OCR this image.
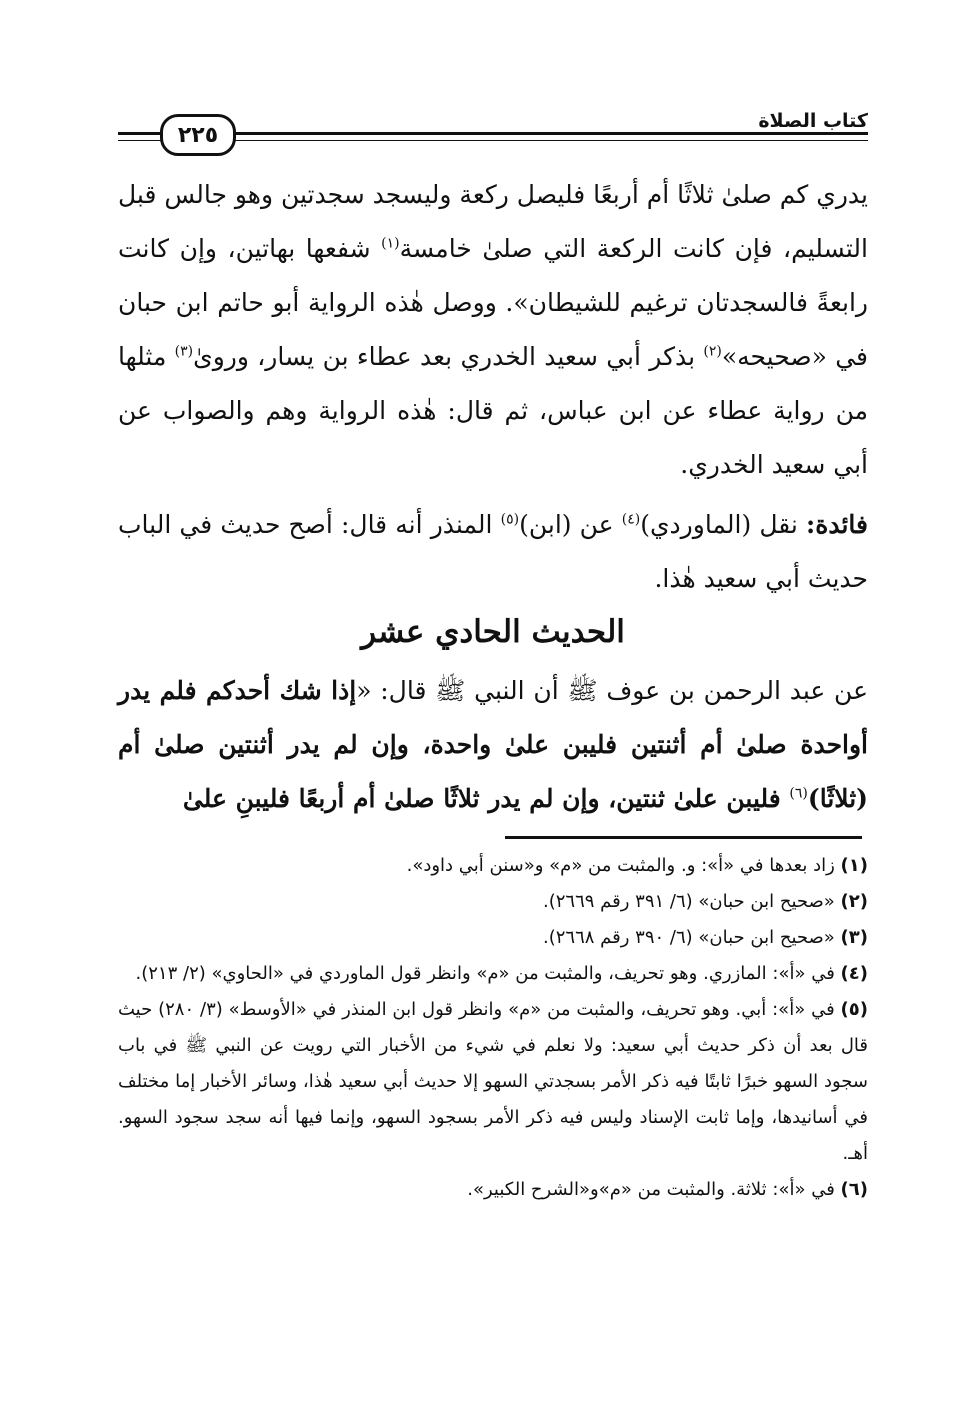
٢٢٥
كتاب الصلاة

يدري كم صلىٰ ثلاثًا أم أربعًا فليصل ركعة وليسجد سجدتين وهو جالس قبل التسليم، فإن كانت الركعة التي صلىٰ خامسة$^{(١)}$ شفعها بهاتين، وإن كانت رابعةً فالسجدتان ترغيم للشيطان». ووصل هٰذه الرواية أبو حاتم ابن حبان في «صحيحه»$^{(٢)}$ بذكر أبي سعيد الخدري بعد عطاء بن يسار، وروىٰ$^{(٣)}$ مثلها من رواية عطاء عن ابن عباس، ثم قال: هٰذه الرواية وهم والصواب عن أبي سعيد الخدري.

فائدة: نقل (الماوردي)$^{(٤)}$ عن (ابن)$^{(٥)}$ المنذر أنه قال: أصح حديث في الباب حديث أبي سعيد هٰذا.

الحديث الحادي عشر

عن عبد الرحمن بن عوف ﷺ أن النبي ﷺ قال: «إذا شك أحدكم فلم يدر أواحدة صلىٰ أم أثنتين فليبن علىٰ واحدة، وإن لم يدر أثنتين صلىٰ أم (ثلاثًا)$^{(٦)}$ فليبن علىٰ ثنتين، وإن لم يدر ثلاثًا صلىٰ أم أربعًا فليبنِ علىٰ

(١) زاد بعدها في «أ»: و. والمثبت من «م» و«سنن أبي داود».

(٢) «صحيح ابن حبان» (٦/ ٣٩١ رقم ٢٦٦٩).

(٣) «صحيح ابن حبان» (٦/ ٣٩٠ رقم ٢٦٦٨).

(٤) في «أ»: المازري. وهو تحريف، والمثبت من «م» وانظر قول الماوردي في «الحاوي» (٢/ ٢١٣).

(٥) في «أ»: أبي. وهو تحريف، والمثبت من «م» وانظر قول ابن المنذر في «الأوسط» (٣/ ٢٨٠) حيث قال بعد أن ذكر حديث أبي سعيد: ولا نعلم في شيء من الأخبار التي رويت عن النبي ﷺ في باب سجود السهو خبرًا ثابتًا فيه ذكر الأمر بسجدتي السهو إلا حديث أبي سعيد هٰذا، وسائر الأخبار إما مختلف في أسانيدها، وإما ثابت الإسناد وليس فيه ذكر الأمر بسجود السهو، وإنما فيها أنه سجد سجود السهو. أهـ.

(٦) في «أ»: ثلاثة. والمثبت من «م»و«الشرح الكبير».
